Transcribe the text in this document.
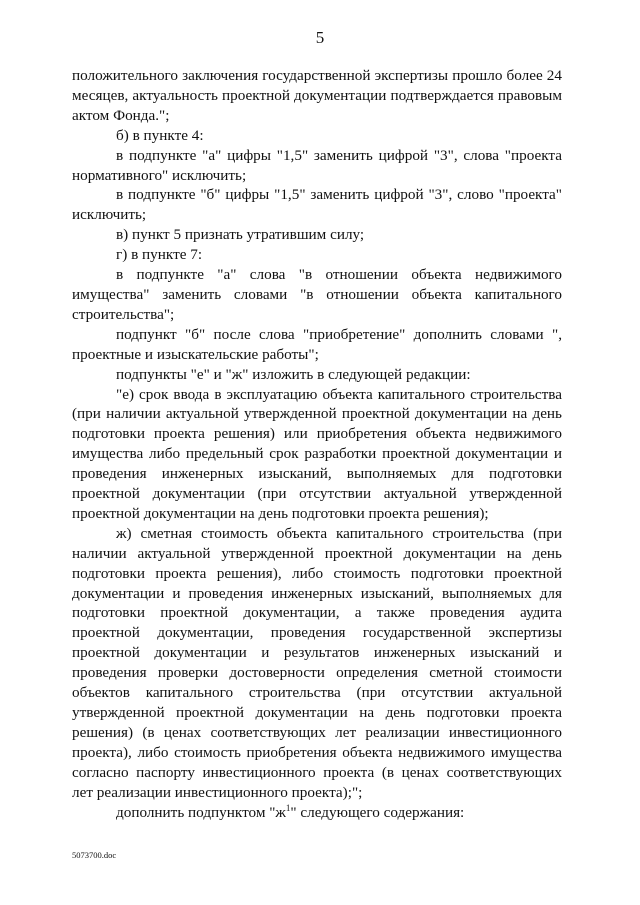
5

положительного заключения государственной экспертизы прошло более 24 месяцев, актуальность проектной документации подтверждается правовым актом Фонда.";

б) в пункте 4:

в подпункте "а" цифры "1,5" заменить цифрой "3", слова "проекта нормативного" исключить;

в подпункте "б" цифры "1,5" заменить цифрой "3", слово "проекта" исключить;

в) пункт 5 признать утратившим силу;

г) в пункте 7:

в подпункте "а" слова "в отношении объекта недвижимого имущества" заменить словами "в отношении объекта капитального строительства";

подпункт "б" после слова "приобретение" дополнить словами ", проектные и изыскательские работы";

подпункты "е" и "ж" изложить в следующей редакции:

"е) срок ввода в эксплуатацию объекта капитального строительства (при наличии актуальной утвержденной проектной документации на день подготовки проекта решения) или приобретения объекта недвижимого имущества либо предельный срок разработки проектной документации и проведения инженерных изысканий, выполняемых для подготовки проектной документации (при отсутствии актуальной утвержденной проектной документации на день подготовки проекта решения);

ж) сметная стоимость объекта капитального строительства (при наличии актуальной утвержденной проектной документации на день подготовки проекта решения), либо стоимость подготовки проектной документации и проведения инженерных изысканий, выполняемых для подготовки проектной документации, а также проведения аудита проектной документации, проведения государственной экспертизы проектной документации и результатов инженерных изысканий и проведения проверки достоверности определения сметной стоимости объектов капитального строительства (при отсутствии актуальной утвержденной проектной документации на день подготовки проекта решения) (в ценах соответствующих лет реализации инвестиционного проекта), либо стоимость приобретения объекта недвижимого имущества согласно паспорту инвестиционного проекта (в ценах соответствующих лет реализации инвестиционного проекта);";

дополнить подпунктом "$ж^1$" следующего содержания:

5073700.doc
